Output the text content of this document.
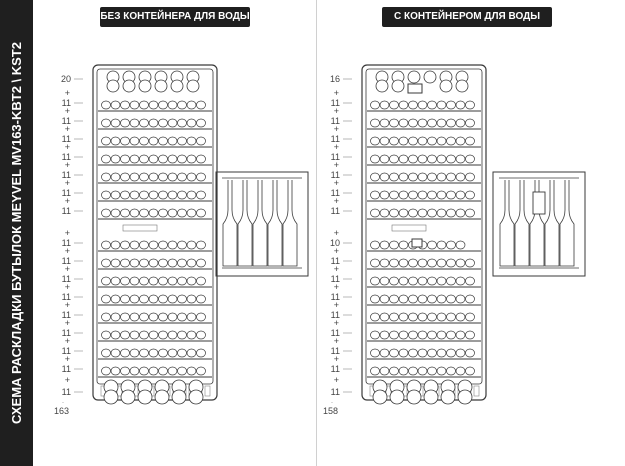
СХЕМА РАСКЛАДКИ БУТЫЛОК MEYVEL MV163-KBT2 \ KST2
БЕЗ КОНТЕЙНЕРА ДЛЯ ВОДЫ	С КОНТЕЙНЕРОМ ДЛЯ ВОДЫ
20
+
11
+
11
+
11
+
11
+
11
+
11
+
11
+
11
+
11
+
11
+
11
+
11
+
11
+
11
+
11
+
11
163
16
+
11
+
11
+
11
+
11
+
11
+
11
+
11
+
10
+
11
+
11
+
11
+
11
+
11
+
11
+
11
+
11
158
